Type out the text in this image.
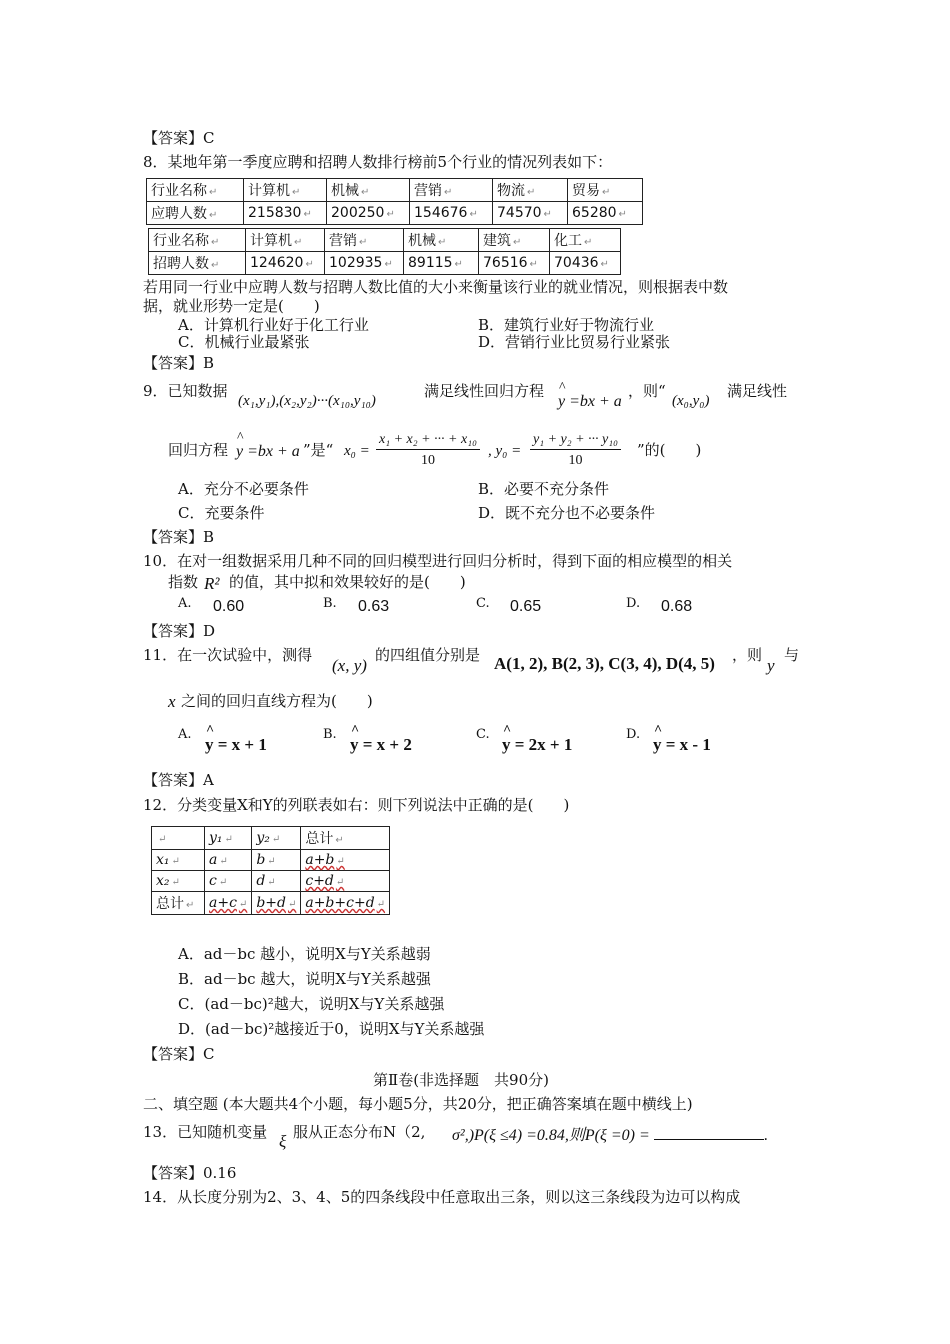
【答案】C
8．某地年第一季度应聘和招聘人数排行榜前5个行业的情况列表如下：
行业名称 ↵	计算机 ↵	机械 ↵	营销 ↵	物流 ↵	贸易 ↵
应聘人数 ↵	215830 ↵	200250 ↵	154676 ↵	74570 ↵	65280 ↵
行业名称 ↵	计算机 ↵	营销 ↵	机械 ↵	建筑 ↵	化工 ↵
招聘人数 ↵	124620 ↵	102935 ↵	89115 ↵	76516 ↵	70436 ↵
若用同一行业中应聘人数与招聘人数比值的大小来衡量该行业的就业情况，则根据表中数
据，就业形势一定是(　　)
A．计算机行业好于化工行业	B．建筑行业好于物流行业
C．机械行业最紧张	D．营销行业比贸易行业紧张
【答案】B
9．已知数据
(x₁,y₁),(x₂,y₂)···(x₁₀,y₁₀)
满足线性回归方程
^ y =bx + a
，则“
(x₀,y₀)
满足线性
回归方程 ^ y =bx + a ”是“ $x_0 = \frac{\text{x₁ + x₂ + ··· + x₁₀}}{10}$ , $y_0 = \frac{\text{y₁ + y₂ + ··· y₁₀}}{10}$ ”的(　　)
A．充分不必要条件	B．必要不充分条件
C．充要条件	D．既不充分也不必要条件
【答案】B
10．在对一组数据采用几种不同的回归模型进行回归分析时，得到下面的相应模型的相关
指数 R² 的值，其中拟和效果较好的是(　　)
A. 0.60	B. 0.63	C. 0.65	D. 0.68
【答案】D
11．在一次试验中，测得
(x, y)
的四组值分别是 A(1, 2), B(2, 3), C(3, 4), D(4, 5) ，则
y
与
x 之间的回归直线方程为(　　)
A.
^ y = x + 1
B.
^ y = x + 2
C.
^ y = 2x + 1
D.
^ y = x - 1
【答案】A
12．分类变量X和Y的列联表如右：则下列说法中正确的是(　　)
↵	y₁ ↵	y₂ ↵	总计 ↵
x₁ ↵	a ↵	b ↵	a+b ↵
x₂ ↵	c ↵	d ↵	c+d ↵
总计 ↵	a+c ↵	b+d ↵	a+b+c+d ↵
A．ad－bc 越小，说明X与Y关系越弱
B．ad－bc 越大，说明X与Y关系越强
C．(ad－bc)²越大，说明X与Y关系越强
D．(ad－bc)²越接近于0，说明X与Y关系越强
【答案】C
第Ⅱ卷(非选择题　共90分)
二、填空题 (本大题共4个小题，每小题5分，共20分，把正确答案填在题中横线上)
13．已知随机变量 ξ 服从正态分布N（2, σ²,)P(ξ ≤4) =0.84,则P(ξ =0) =	.
【答案】0.16
14．从长度分别为2、3、4、5的四条线段中任意取出三条，则以这三条线段为边可以构成
